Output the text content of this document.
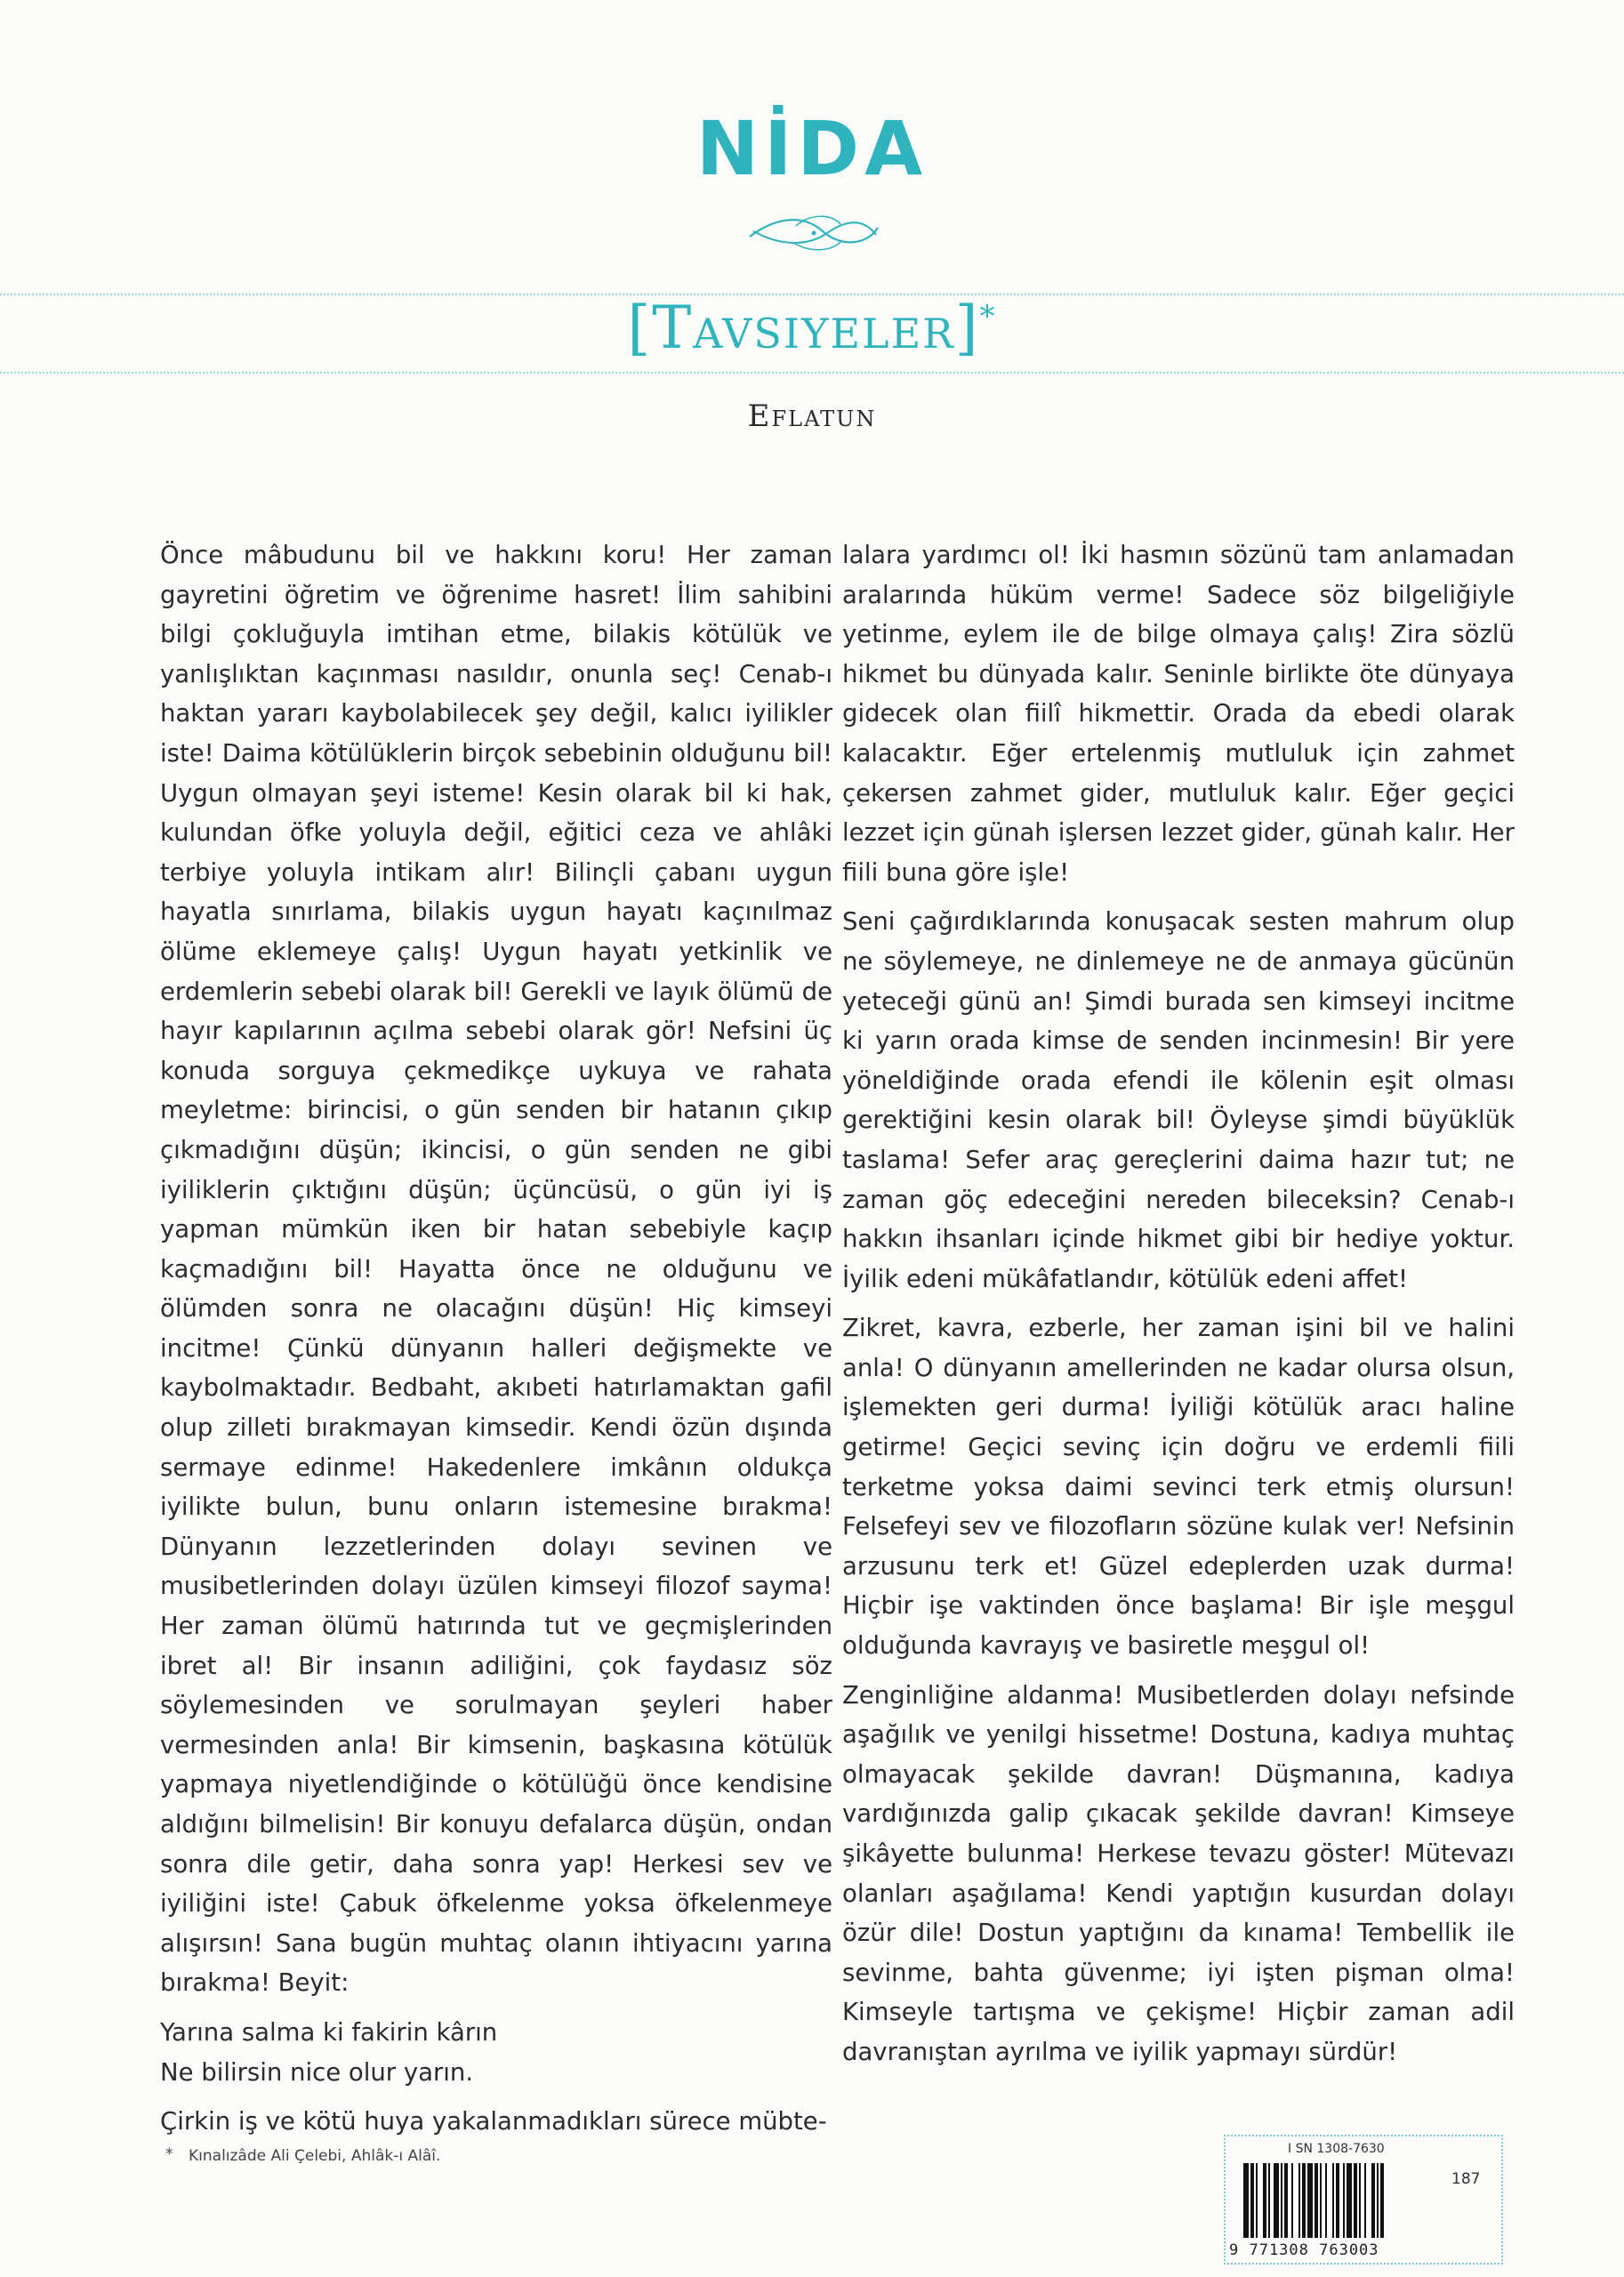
NİDA
[Tavsiyeler]*
Eflatun

Önce mâbudunu bil ve hakkını koru! Her zaman gayretini öğretim ve öğrenime hasret! İlim sahibini bilgi çokluğuyla imtihan etme, bilakis kötülük ve yanlışlıktan kaçınması nasıldır, onunla seç! Cenab-ı haktan yararı kaybolabilecek şey değil, kalıcı iyilikler iste! Daima kötülüklerin birçok sebebinin olduğunu bil! Uygun olmayan şeyi isteme! Kesin olarak bil ki hak, kulundan öfke yoluyla değil, eğitici ceza ve ahlâki terbiye yoluyla intikam alır! Bilinçli çabanı uygun hayatla sınırlama, bilakis uygun hayatı kaçınılmaz ölüme eklemeye çalış! Uygun hayatı yetkinlik ve erdemlerin sebebi olarak bil! Gerekli ve layık ölümü de hayır kapılarının açılma sebebi olarak gör! Nefsini üç konuda sorguya çekmedikçe uykuya ve rahata meyletme: birincisi, o gün senden bir hatanın çıkıp çıkmadığını düşün; ikincisi, o gün senden ne gibi iyiliklerin çıktığını düşün; üçüncüsü, o gün iyi iş yapman mümkün iken bir hatan sebebiyle kaçıp kaçmadığını bil! Hayatta önce ne olduğunu ve ölümden sonra ne olacağını düşün! Hiç kimseyi incitme! Çünkü dünyanın halleri değişmekte ve kaybolmaktadır. Bedbaht, akıbeti hatırlamaktan gafil olup zilleti bırakmayan kimsedir. Kendi özün dışında sermaye edinme! Hakedenlere imkânın oldukça iyilikte bulun, bunu onların istemesine bırakma! Dünyanın lezzetlerinden dolayı sevinen ve musibetlerinden dolayı üzülen kimseyi filozof sayma! Her zaman ölümü hatırında tut ve geçmişlerinden ibret al! Bir insanın adiliğini, çok faydasız söz söylemesinden ve sorulmayan şeyleri haber vermesinden anla! Bir kimsenin, başkasına kötülük yapmaya niyetlendiğinde o kötülüğü önce kendisine aldığını bilmelisin! Bir konuyu defalarca düşün, ondan sonra dile getir, daha sonra yap! Herkesi sev ve iyiliğini iste! Çabuk öfkelenme yoksa öfkelenmeye alışırsın! Sana bugün muhtaç olanın ihtiyacını yarına bırakma! Beyit:

Yarına salma ki fakirin kârın

Ne bilirsin nice olur yarın.

Çirkin iş ve kötü huya yakalanmadıkları sürece mübte-

lalara yardımcı ol! İki hasmın sözünü tam anlamadan aralarında hüküm verme! Sadece söz bilgeliğiyle yetinme, eylem ile de bilge olmaya çalış! Zira sözlü hikmet bu dünyada kalır. Seninle birlikte öte dünyaya gidecek olan fiilî hikmettir. Orada da ebedi olarak kalacaktır. Eğer ertelenmiş mutluluk için zahmet çekersen zahmet gider, mutluluk kalır. Eğer geçici lezzet için günah işlersen lezzet gider, günah kalır. Her fiili buna göre işle!

Seni çağırdıklarında konuşacak sesten mahrum olup ne söylemeye, ne dinlemeye ne de anmaya gücünün yeteceği günü an! Şimdi burada sen kimseyi incitme ki yarın orada kimse de senden incinmesin! Bir yere yöneldiğinde orada efendi ile kölenin eşit olması gerektiğini kesin olarak bil! Öyleyse şimdi büyüklük taslama! Sefer araç gereçlerini daima hazır tut; ne zaman göç edeceğini nereden bileceksin? Cenab-ı hakkın ihsanları içinde hikmet gibi bir hediye yoktur. İyilik edeni mükâfatlandır, kötülük edeni affet!

Zikret, kavra, ezberle, her zaman işini bil ve halini anla! O dünyanın amellerinden ne kadar olursa olsun, işlemekten geri durma! İyiliği kötülük aracı haline getirme! Geçici sevinç için doğru ve erdemli fiili terketme yoksa daimi sevinci terk etmiş olursun! Felsefeyi sev ve filozofların sözüne kulak ver! Nefsinin arzusunu terk et! Güzel edeplerden uzak durma! Hiçbir işe vaktinden önce başlama! Bir işle meşgul olduğunda kavrayış ve basiretle meşgul ol!

Zenginliğine aldanma! Musibetlerden dolayı nefsinde aşağılık ve yenilgi hissetme! Dostuna, kadıya muhtaç olmayacak şekilde davran! Düşmanına, kadıya vardığınızda galip çıkacak şekilde davran! Kimseye şikâyette bulunma! Herkese tevazu göster! Mütevazı olanları aşağılama! Kendi yaptığın kusurdan dolayı özür dile! Dostun yaptığını da kınama! Tembellik ile sevinme, bahta güvenme; iyi işten pişman olma! Kimseyle tartışma ve çekişme! Hiçbir zaman adil davranıştan ayrılma ve iyilik yapmayı sürdür!

* Kınalızâde Ali Çelebi, Ahlâk-ı Alâî.	I SN 1308-7630
187
9 771308 763003
